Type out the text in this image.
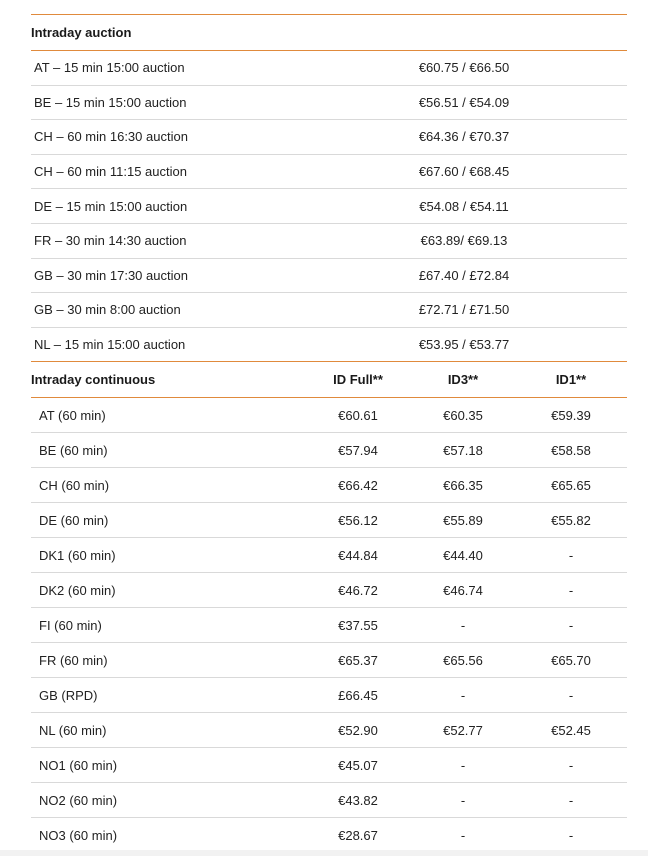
Intraday auction
AT – 15 min 15:00 auction	€60.75 / €66.50
BE – 15 min 15:00 auction	€56.51 / €54.09
CH – 60 min 16:30 auction	€64.36 / €70.37
CH – 60 min 11:15 auction	€67.60 / €68.45
DE – 15 min 15:00 auction	€54.08 / €54.11
FR – 30 min 14:30 auction	€63.89/ €69.13
GB – 30 min 17:30 auction	£67.40 / £72.84
GB – 30 min 8:00 auction	£72.71 / £71.50
NL – 15 min 15:00 auction	€53.95 / €53.77
Intraday continuous	ID Full**	ID3**	ID1**
AT (60 min)	€60.61	€60.35	€59.39
BE (60 min)	€57.94	€57.18	€58.58
CH (60 min)	€66.42	€66.35	€65.65
DE (60 min)	€56.12	€55.89	€55.82
DK1 (60 min)	€44.84	€44.40	-
DK2 (60 min)	€46.72	€46.74	-
FI (60 min)	€37.55	-	-
FR (60 min)	€65.37	€65.56	€65.70
GB (RPD)	£66.45	-	-
NL (60 min)	€52.90	€52.77	€52.45
NO1 (60 min)	€45.07	-	-
NO2 (60 min)	€43.82	-	-
NO3 (60 min)	€28.67	-	-
